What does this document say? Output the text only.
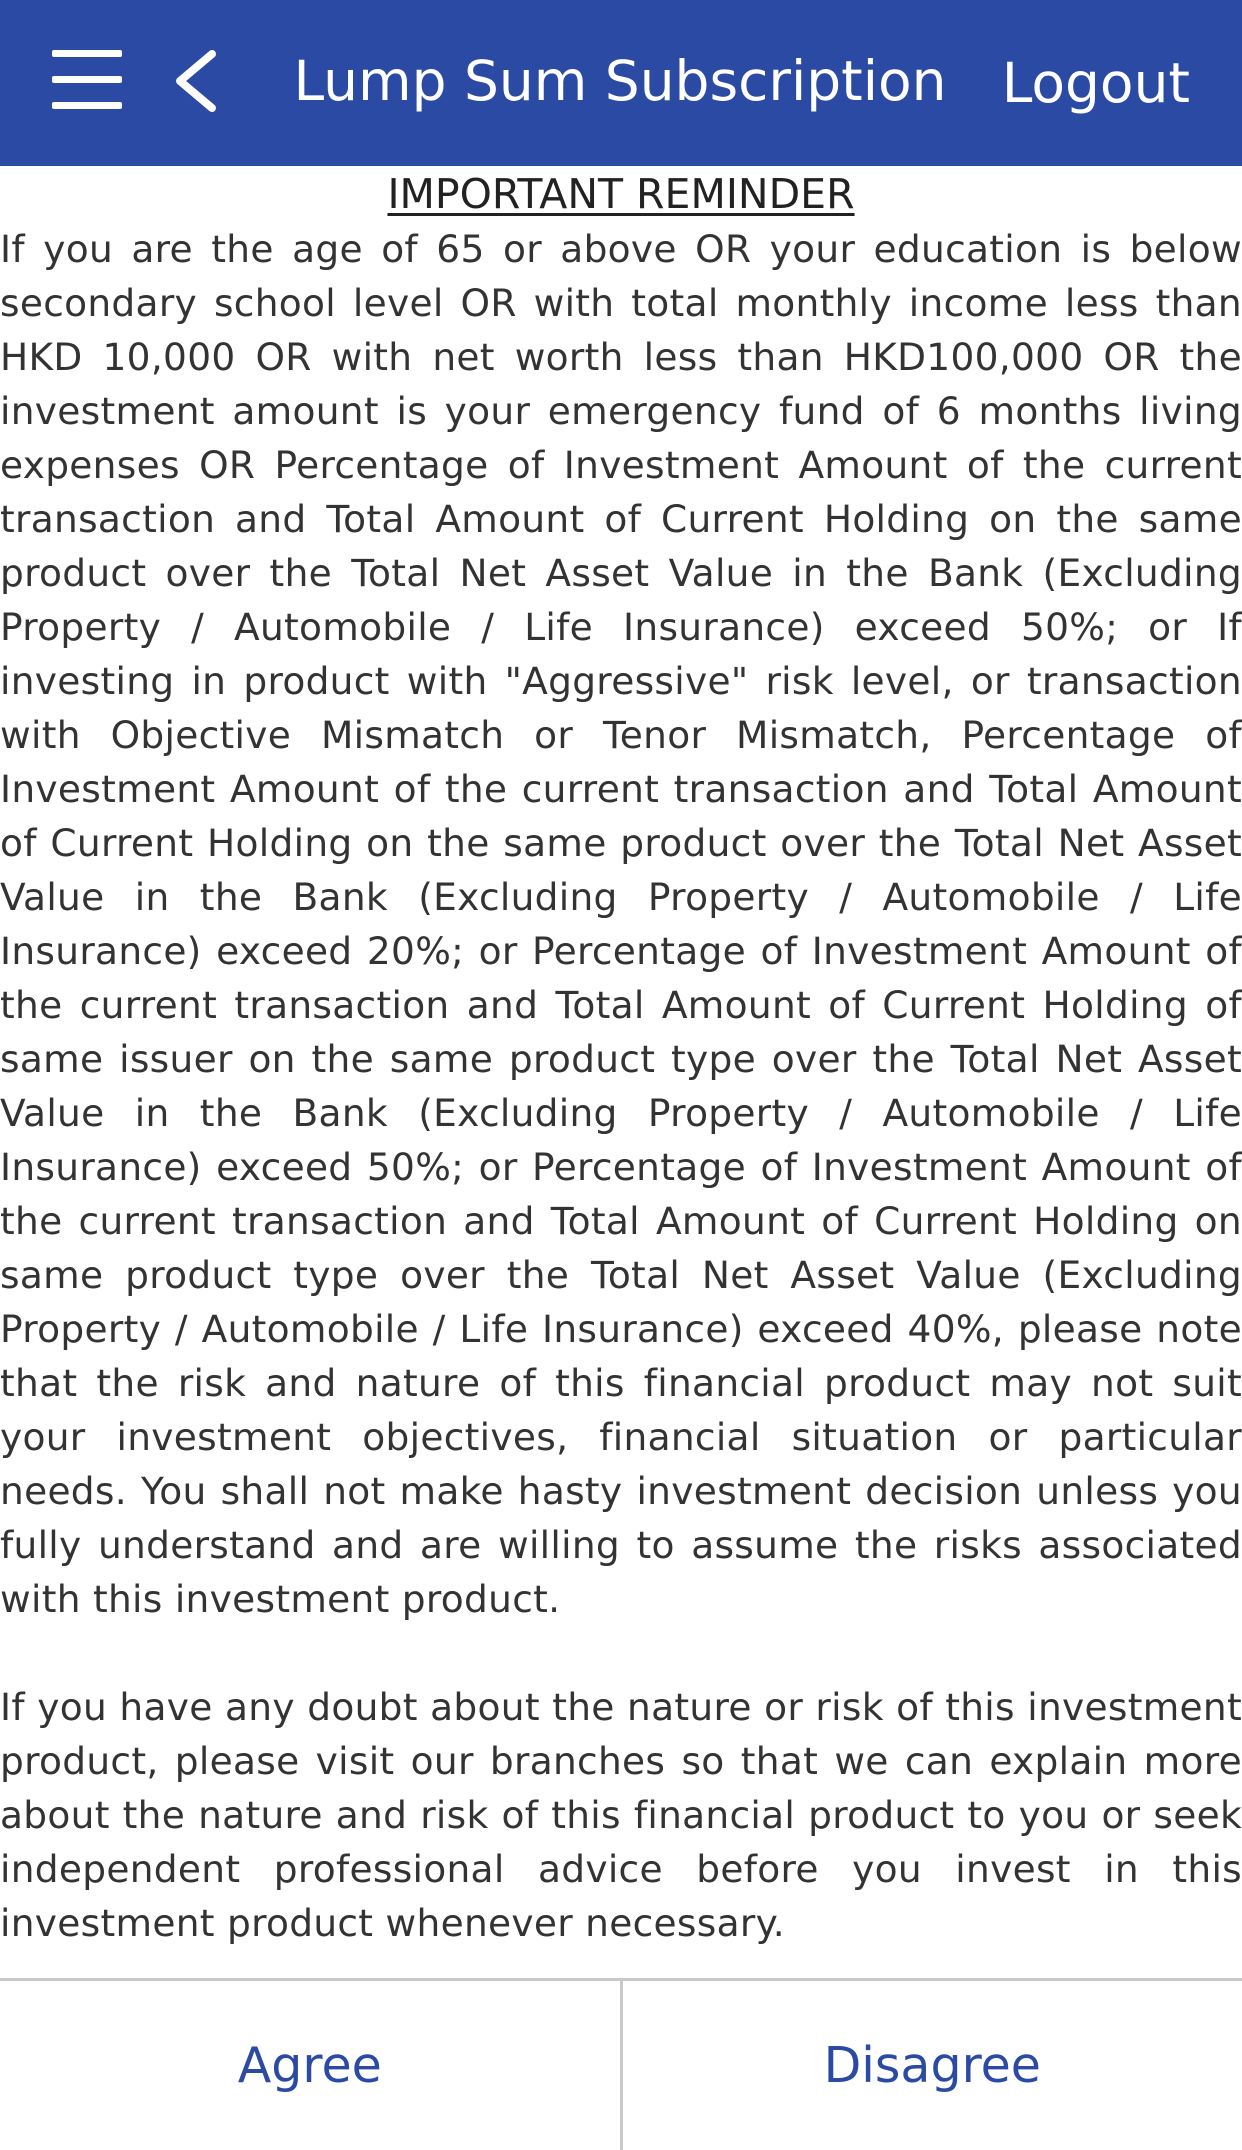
Lump Sum Subscription	Logout
IMPORTANT REMINDER

If you are the age of 65 or above OR your education is below secondary school level OR with total monthly income less than HKD 10,000 OR with net worth less than HKD100,000 OR the investment amount is your emergency fund of 6 months living expenses OR Percentage of Investment Amount of the current transaction and Total Amount of Current Holding on the same product over the Total Net Asset Value in the Bank (Excluding Property / Automobile / Life Insurance) exceed 50%; or If investing in product with "Aggressive" risk level, or transaction with Objective Mismatch or Tenor Mismatch, Percentage of Investment Amount of the current transaction and Total Amount of Current Holding on the same product over the Total Net Asset Value in the Bank (Excluding Property / Automobile / Life Insurance) exceed 20%; or Percentage of Investment Amount of the current transaction and Total Amount of Current Holding of same issuer on the same product type over the Total Net Asset Value in the Bank (Excluding Property / Automobile / Life Insurance) exceed 50%; or Percentage of Investment Amount of the current transaction and Total Amount of Current Holding on same product type over the Total Net Asset Value (Excluding Property / Automobile / Life Insurance) exceed 40%, please note that the risk and nature of this financial product may not suit your investment objectives, financial situation or particular needs. You shall not make hasty investment decision unless you fully understand and are willing to assume the risks associated with this investment product.

If you have any doubt about the nature or risk of this investment product, please visit our branches so that we can explain more about the nature and risk of this financial product to you or seek independent professional advice before you invest in this investment product whenever necessary.

Agree	Disagree
